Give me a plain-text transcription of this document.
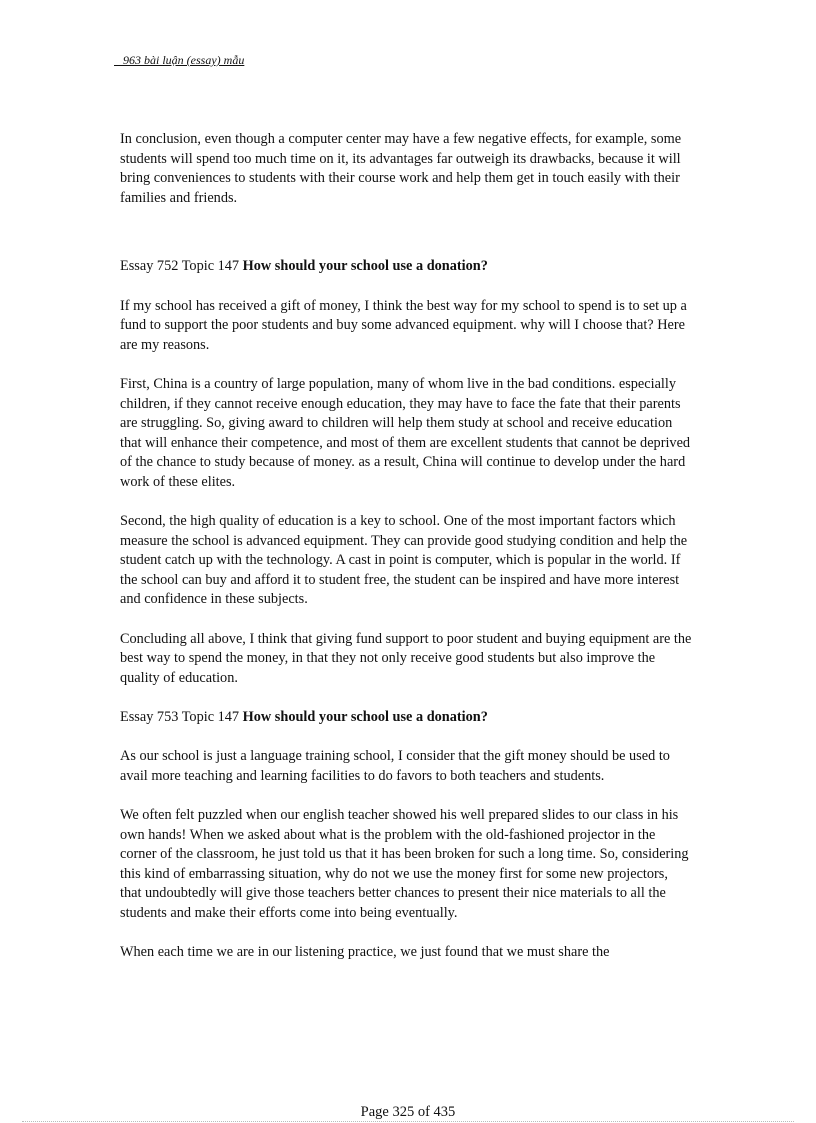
963 bài luận (essay) mẫu

In conclusion, even though a computer center may have a few negative effects, for example, some students will spend too much time on it, its advantages far outweigh its drawbacks, because it will bring conveniences to students with their course work and help them get in touch easily with their families and friends.

Essay 752 Topic 147 How should your school use a donation?

If my school has received a gift of money, I think the best way for my school to spend is to set up a fund to support the poor students and buy some advanced equipment. why will I choose that? Here are my reasons.

First, China is a country of large population, many of whom live in the bad conditions. especially children, if they cannot receive enough education, they may have to face the fate that their parents are struggling. So, giving award to children will help them study at school and receive education that will enhance their competence, and most of them are excellent students that cannot be deprived of the chance to study because of money. as a result, China will continue to develop under the hard work of these elites.

Second, the high quality of education is a key to school. One of the most important factors which measure the school is advanced equipment. They can provide good studying condition and help the student catch up with the technology. A cast in point is computer, which is popular in the world. If the school can buy and afford it to student free, the student can be inspired and have more interest and confidence in these subjects.

Concluding all above, I think that giving fund support to poor student and buying equipment are the best way to spend the money, in that they not only receive good students but also improve the quality of education.

Essay 753 Topic 147 How should your school use a donation?

As our school is just a language training school, I consider that the gift money should be used to avail more teaching and learning facilities to do favors to both teachers and students.

We often felt puzzled when our english teacher showed his well prepared slides to our class in his own hands! When we asked about what is the problem with the old-fashioned projector in the corner of the classroom, he just told us that it has been broken for such a long time. So, considering this kind of embarrassing situation, why do not we use the money first for some new projectors, that undoubtedly will give those teachers better chances to present their nice materials to all the students and make their efforts come into being eventually.

When each time we are in our listening practice, we just found that we must share the

Page 325 of 435
